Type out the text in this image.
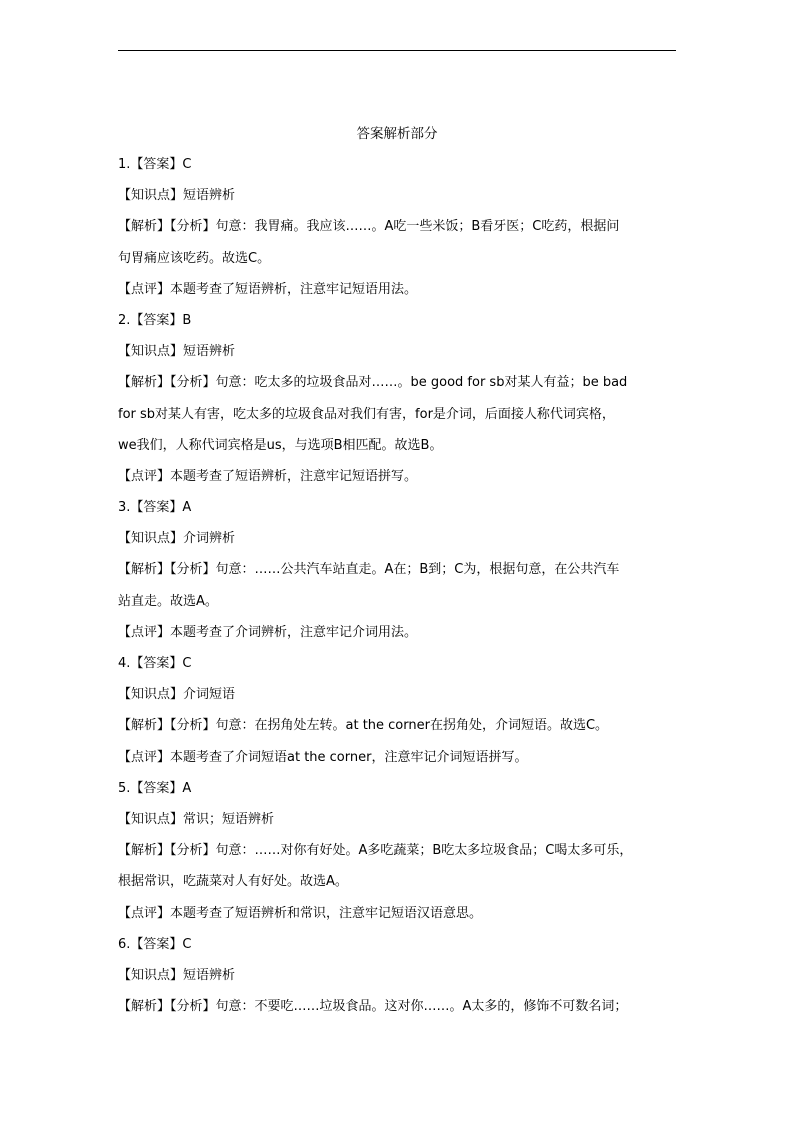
答案解析部分
1.【答案】C
【知识点】短语辨析
【解析】【分析】句意：我胃痛。我应该……。A吃一些米饭；B看牙医；C吃药，根据问
句胃痛应该吃药。故选C。
【点评】本题考查了短语辨析，注意牢记短语用法。
2.【答案】B
【知识点】短语辨析
【解析】【分析】句意：吃太多的垃圾食品对……。be good for sb对某人有益；be bad
for sb对某人有害，吃太多的垃圾食品对我们有害，for是介词，后面接人称代词宾格，
we我们，人称代词宾格是us，与选项B相匹配。故选B。
【点评】本题考查了短语辨析，注意牢记短语拼写。
3.【答案】A
【知识点】介词辨析
【解析】【分析】句意：……公共汽车站直走。A在；B到；C为，根据句意，在公共汽车
站直走。故选A。
【点评】本题考查了介词辨析，注意牢记介词用法。
4.【答案】C
【知识点】介词短语
【解析】【分析】句意：在拐角处左转。at the corner在拐角处，介词短语。故选C。
【点评】本题考查了介词短语at the corner，注意牢记介词短语拼写。
5.【答案】A
【知识点】常识；短语辨析
【解析】【分析】句意：……对你有好处。A多吃蔬菜；B吃太多垃圾食品；C喝太多可乐，
根据常识，吃蔬菜对人有好处。故选A。
【点评】本题考查了短语辨析和常识，注意牢记短语汉语意思。
6.【答案】C
【知识点】短语辨析
【解析】【分析】句意：不要吃……垃圾食品。这对你……。A太多的，修饰不可数名词；
